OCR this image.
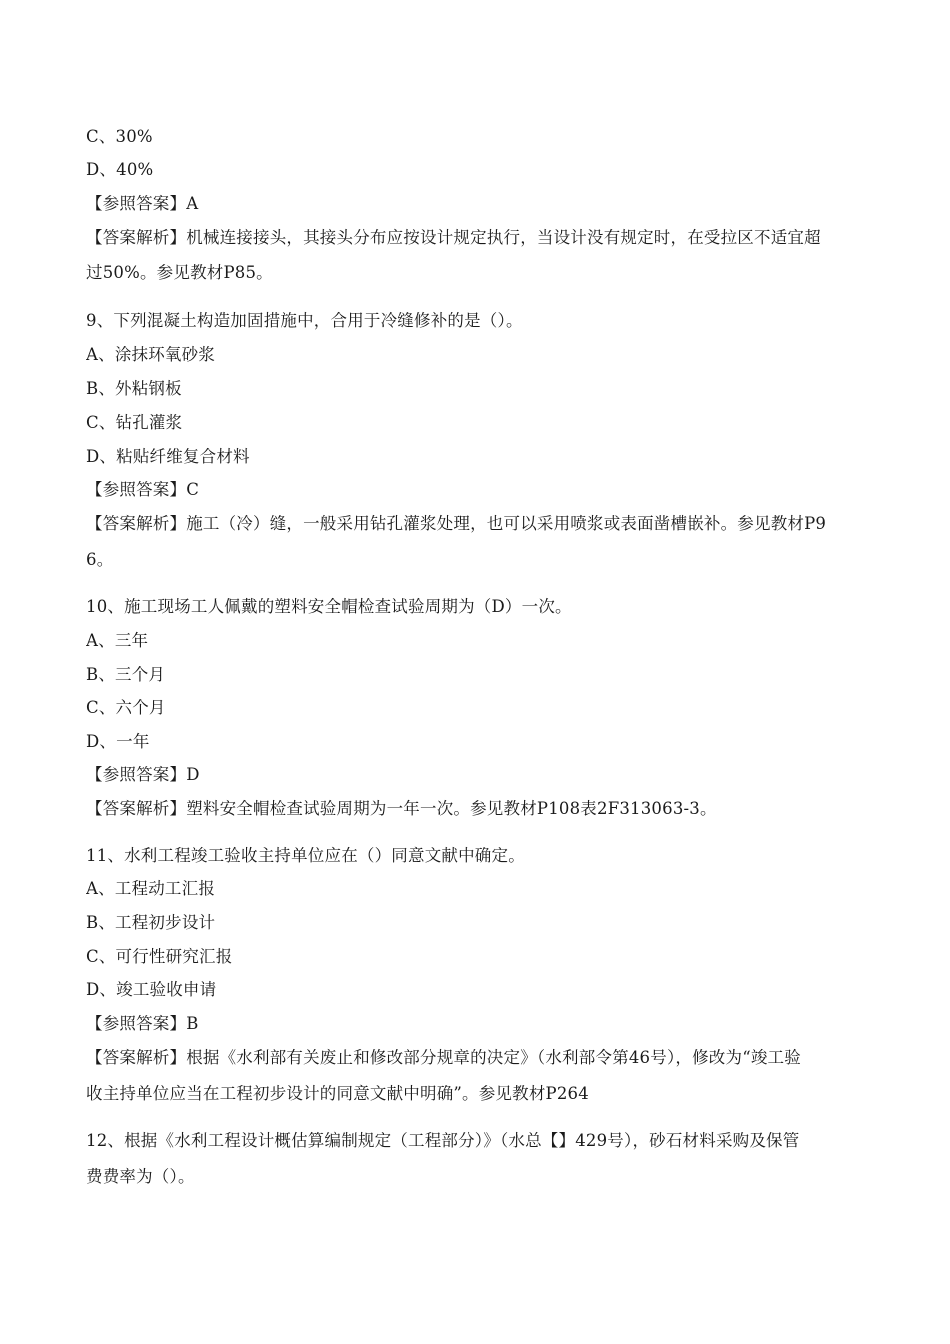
C、30%
D、40%
【参照答案】A
【答案解析】机械连接接头，其接头分布应按设计规定执行，当设计没有规定时，在受拉区不适宜超
过50%。参见教材P85。
9、下列混凝土构造加固措施中，合用于冷缝修补的是（）。
A、涂抹环氧砂浆
B、外粘钢板
C、钻孔灌浆
D、粘贴纤维复合材料
【参照答案】C
【答案解析】施工（冷）缝，一般采用钻孔灌浆处理，也可以采用喷浆或表面凿槽嵌补。参见教材P9
6。
10、施工现场工人佩戴的塑料安全帽检查试验周期为（D）一次。
A、三年
B、三个月
C、六个月
D、一年
【参照答案】D
【答案解析】塑料安全帽检查试验周期为一年一次。参见教材P108表2F313063-3。
11、水利工程竣工验收主持单位应在（）同意文献中确定。
A、工程动工汇报
B、工程初步设计
C、可行性研究汇报
D、竣工验收申请
【参照答案】B
【答案解析】根据《水利部有关废止和修改部分规章的决定》（水利部令第46号），修改为“竣工验
收主持单位应当在工程初步设计的同意文献中明确”。参见教材P264
12、根据《水利工程设计概估算编制规定（工程部分）》（水总【】429号），砂石材料采购及保管
费费率为（）。
